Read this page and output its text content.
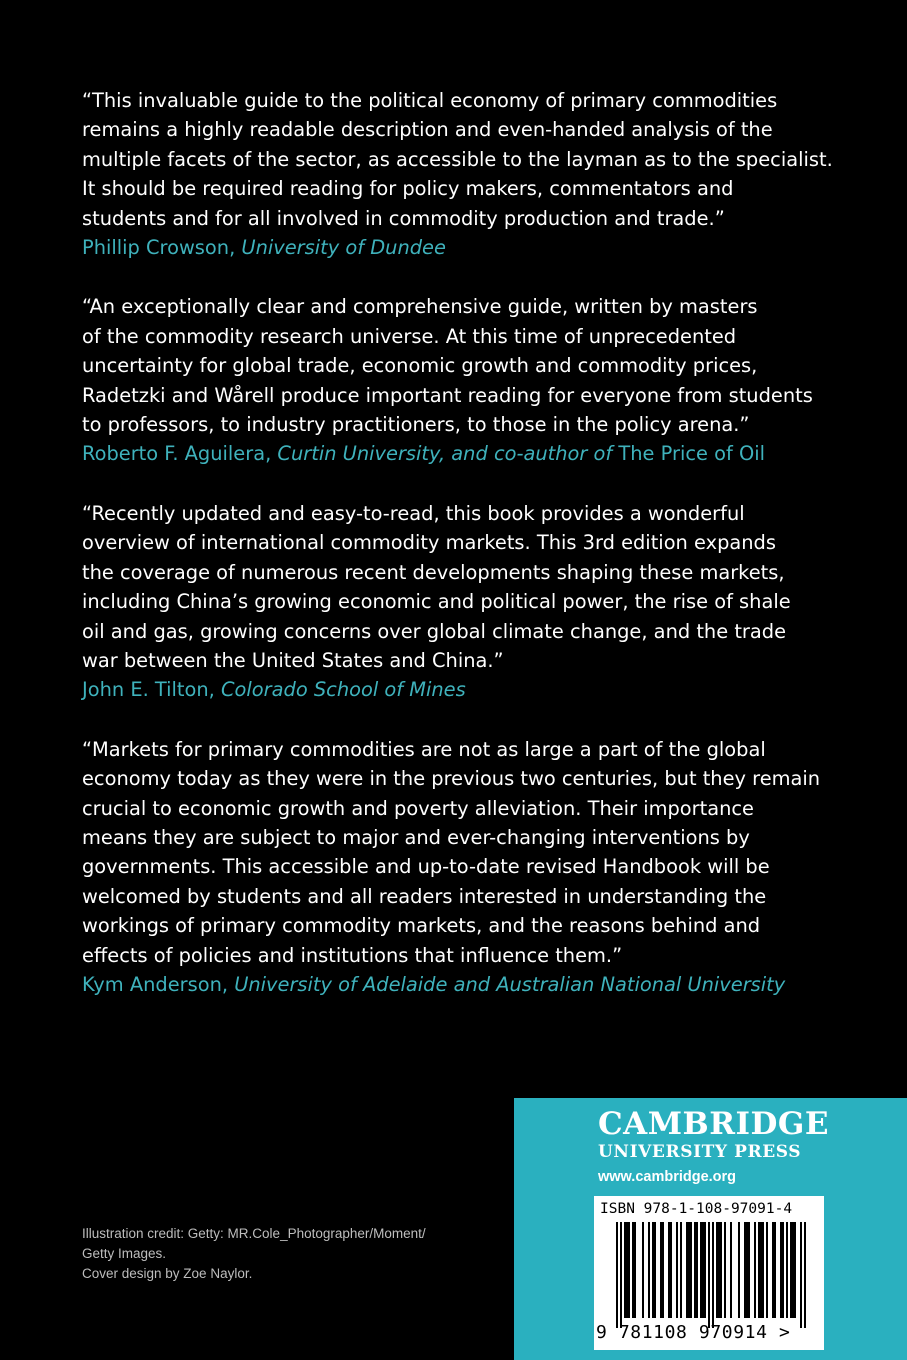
“This invaluable guide to the political economy of primary commodities
remains a highly readable description and even-handed analysis of the
multiple facets of the sector, as accessible to the layman as to the specialist.
It should be required reading for policy makers, commentators and
students and for all involved in commodity production and trade.”

Phillip Crowson, University of Dundee

“An exceptionally clear and comprehensive guide, written by masters
of the commodity research universe. At this time of unprecedented
uncertainty for global trade, economic growth and commodity prices,
Radetzki and Wårell produce important reading for everyone from students
to professors, to industry practitioners, to those in the policy arena.”

Roberto F. Aguilera, Curtin University, and co-author of The Price of Oil

“Recently updated and easy-to-read, this book provides a wonderful
overview of international commodity markets. This 3rd edition expands
the coverage of numerous recent developments shaping these markets,
including China’s growing economic and political power, the rise of shale
oil and gas, growing concerns over global climate change, and the trade
war between the United States and China.”

John E. Tilton, Colorado School of Mines

“Markets for primary commodities are not as large a part of the global
economy today as they were in the previous two centuries, but they remain
crucial to economic growth and poverty alleviation. Their importance
means they are subject to major and ever-changing interventions by
governments. This accessible and up-to-date revised Handbook will be
welcomed by students and all readers interested in understanding the
workings of primary commodity markets, and the reasons behind and
effects of policies and institutions that influence them.”

Kym Anderson, University of Adelaide and Australian National University

Illustration credit: Getty: MR.Cole_Photographer/Moment/
Getty Images.
Cover design by Zoe Naylor.
CAMBRIDGE
UNIVERSITY PRESS
www.cambridge.org
ISBN 978-1-108-97091-4
9 781108 970914 >
